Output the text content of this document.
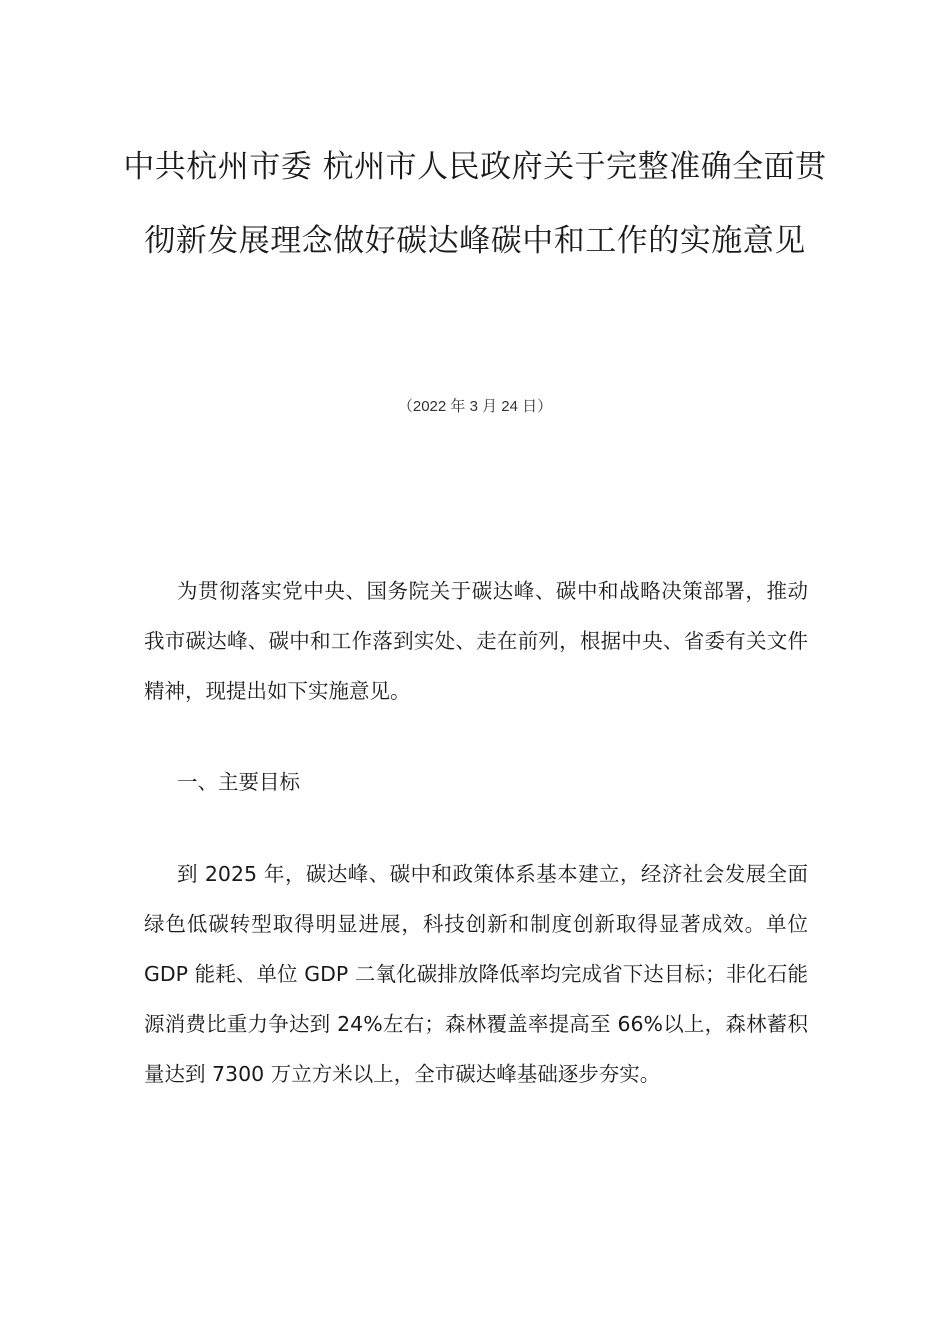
中共杭州市委 杭州市人民政府关于完整准确全面贯彻新发展理念做好碳达峰碳中和工作的实施意见
（2022 年 3 月 24 日）

为贯彻落实党中央、国务院关于碳达峰、碳中和战略决策部署，推动我市碳达峰、碳中和工作落到实处、走在前列，根据中央、省委有关文件精神，现提出如下实施意见。

一、主要目标

到 2025 年，碳达峰、碳中和政策体系基本建立，经济社会发展全面绿色低碳转型取得明显进展，科技创新和制度创新取得显著成效。单位 GDP 能耗、单位 GDP 二氧化碳排放降低率均完成省下达目标；非化石能源消费比重力争达到 24%左右；森林覆盖率提高至 66%以上，森林蓄积量达到 7300 万立方米以上，全市碳达峰基础逐步夯实。
